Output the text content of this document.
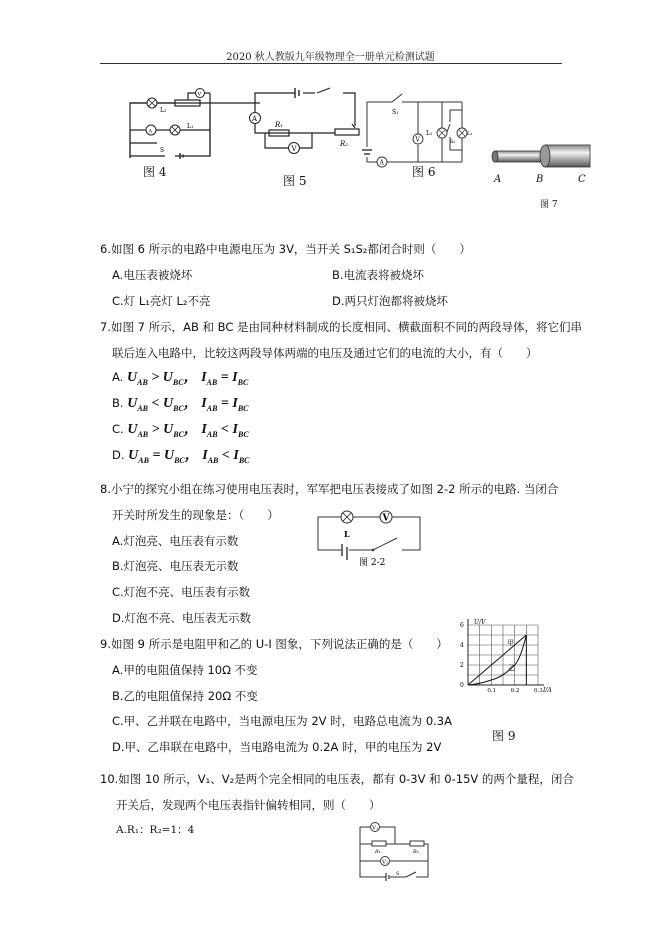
2020 秋人教版九年级物理全一册单元检测试题
V
A
L₂
L₁
S
图 4
A
V
R₁
R₂
图 5
A
V
S₁
L₁
S₂
L₂
图 6
A	B	C
图 7
6.如图 6 所示的电路中电源电压为 3V，当开关 S₁S₂都闭合时则（　　）
A.电压表被烧坏	B.电流表将被烧坏
C.灯 L₁亮灯 L₂不亮	D.两只灯泡都将被烧坏
7.如图 7 所示，AB 和 BC 是由同种材料制成的长度相同、横截面积不同的两段导体，将它们串
联后连入电路中，比较这两段导体两端的电压及通过它们的电流的大小，有（　　）
A. $U_{AB} > U_{BC}$， $I_{AB} = I_{BC}$
B. $U_{AB} < U_{BC}$， $I_{AB} = I_{BC}$
C. $U_{AB} > U_{BC}$， $I_{AB} < I_{BC}$
D. $U_{AB} = U_{BC}$， $I_{AB} < I_{BC}$
8.小宁的探究小组在练习使用电压表时，军军把电压表接成了如图 2-2 所示的电路. 当闭合
开关时所发生的现象是：（　　）
A.灯泡亮、电压表有示数
B.灯泡亮、电压表无示数
C.灯泡不亮、电压表有示数
D.灯泡不亮、电压表无示数
V
L
图 2-2
9.如图 9 所示是电阻甲和乙的 U-I 图象，下列说法正确的是（　　）
A.甲的电阻值保持 10Ω 不变
B.乙的电阻值保持 20Ω 不变
C.甲、乙并联在电路中，当电源电压为 2V 时，电路总电流为 0.3A
D.甲、乙串联在电路中，当电路电流为 0.2A 时，甲的电压为 2V
0
2
4
6
0.1	0.2	0.3
U/V
I/A
甲
乙
图 9
10.如图 10 所示，V₁、V₂是两个完全相同的电压表，都有 0-3V 和 0-15V 的两个量程，闭合
开关后，发现两个电压表指针偏转相同，则（　　）
A.R₁：R₂=1：4	V₁
V₂
R₁	R₂
S
